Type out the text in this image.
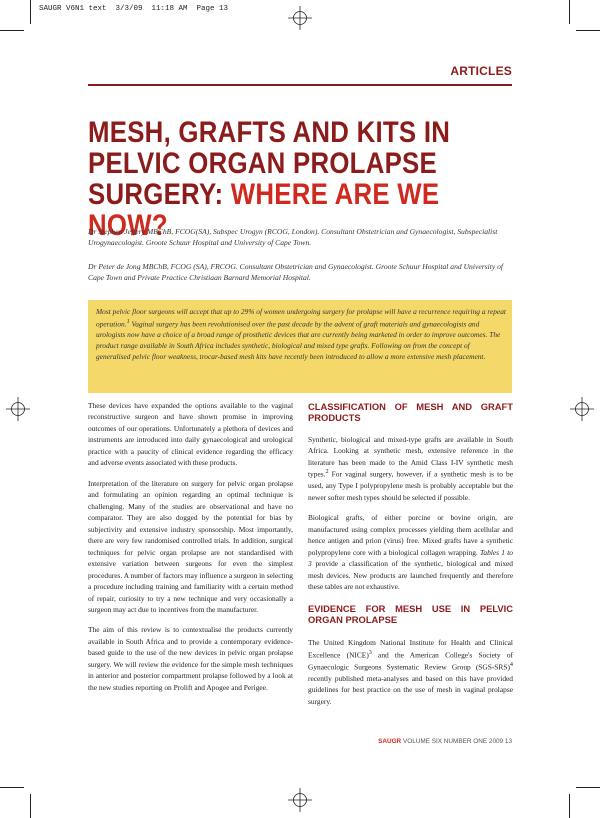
SAUGR V6N1 text  3/3/09  11:18 AM  Page 13
ARTICLES
MESH, GRAFTS AND KITS IN
PELVIC ORGAN PROLAPSE
SURGERY: WHERE ARE WE NOW?

Dr Stephen Jeffery MBChB, FCOG(SA), Subspec Urogyn (RCOG, London). Consultant Obstetrician and Gynaecologist, Subspecialist Urogynaecologist. Groote Schuur Hospital and University of Cape Town.

Dr Peter de Jong MBChB, FCOG (SA), FRCOG. Consultant Obstetrician and Gynaecologist. Groote Schuur Hospital and University of Cape Town and Private Practice Christiaan Barnard Memorial Hospital.

Most pelvic floor surgeons will accept that up to 29% of women undergoing surgery for prolapse will have a recurrence requiring a repeat operation.$^1$ Vaginal surgery has been revolutionised over the past decade by the advent of graft materials and gynaecologists and urologists now have a choice of a broad range of prosthetic devices that are currently being marketed in order to improve outcomes. The product range available in South Africa includes synthetic, biological and mixed type grafts. Following on from the concept of generalised pelvic floor weakness, trocar-based mesh kits have recently been introduced to allow a more extensive mesh placement.

These devices have expanded the options available to the vaginal reconstructive surgeon and have shown promise in improving outcomes of our operations. Unfortunately a plethora of devices and instruments are introduced into daily gynaecological and urological practice with a paucity of clinical evidence regarding the efficacy and adverse events associated with these products.

Interpretation of the literature on surgery for pelvic organ prolapse and formulating an opinion regarding an optimal technique is challenging. Many of the studies are observational and have no comparator. They are also dogged by the potential for bias by subjectivity and extensive industry sponsorship. Most importantly, there are very few randomised controlled trials. In addition, surgical techniques for pelvic organ prolapse are not standardised with extensive variation between surgeons for even the simplest procedures. A number of factors may influence a surgeon in selecting a procedure including training and familiarity with a certain method of repair, curiosity to try a new technique and very occasionally a surgeon may act due to incentives from the manufacturer.

The aim of this review is to contextualise the products currently available in South Africa and to provide a contemporary evidence-based guide to the use of the new devices in pelvic organ prolapse surgery. We will review the evidence for the simple mesh techniques in anterior and posterior compartment prolapse followed by a look at the new studies reporting on Prolift and Apogee and Perigee.

CLASSIFICATION OF MESH AND GRAFT PRODUCTS

Synthetic, biological and mixed-type grafts are available in South Africa. Looking at synthetic mesh, extensive reference in the literature has been made to the Amid Class I-IV synthetic mesh types.$^2$ For vaginal surgery, however, if a synthetic mesh is to be used, any Type I polypropylene mesh is probably acceptable but the newer softer mesh types should be selected if possible.

Biological grafts, of either porcine or bovine origin, are manufactured using complex processes yielding them acellular and hence antigen and prion (virus) free. Mixed grafts have a synthetic polypropylene core with a biological collagen wrapping. Tables 1 to 3 provide a classification of the synthetic, biological and mixed mesh devices. New products are launched frequently and therefore these tables are not exhaustive.

EVIDENCE FOR MESH USE IN PELVIC ORGAN PROLAPSE

The United Kingdom National Institute for Health and Clinical Excellence (NICE)$^3$ and the American College's Society of Gynaecologic Surgeons Systematic Review Group $(SGS-SRS)^4$ recently published meta-analyses and based on this have provided guidelines for best practice on the use of mesh in vaginal prolapse surgery.

SAUGR VOLUME SIX NUMBER ONE 2009 13
